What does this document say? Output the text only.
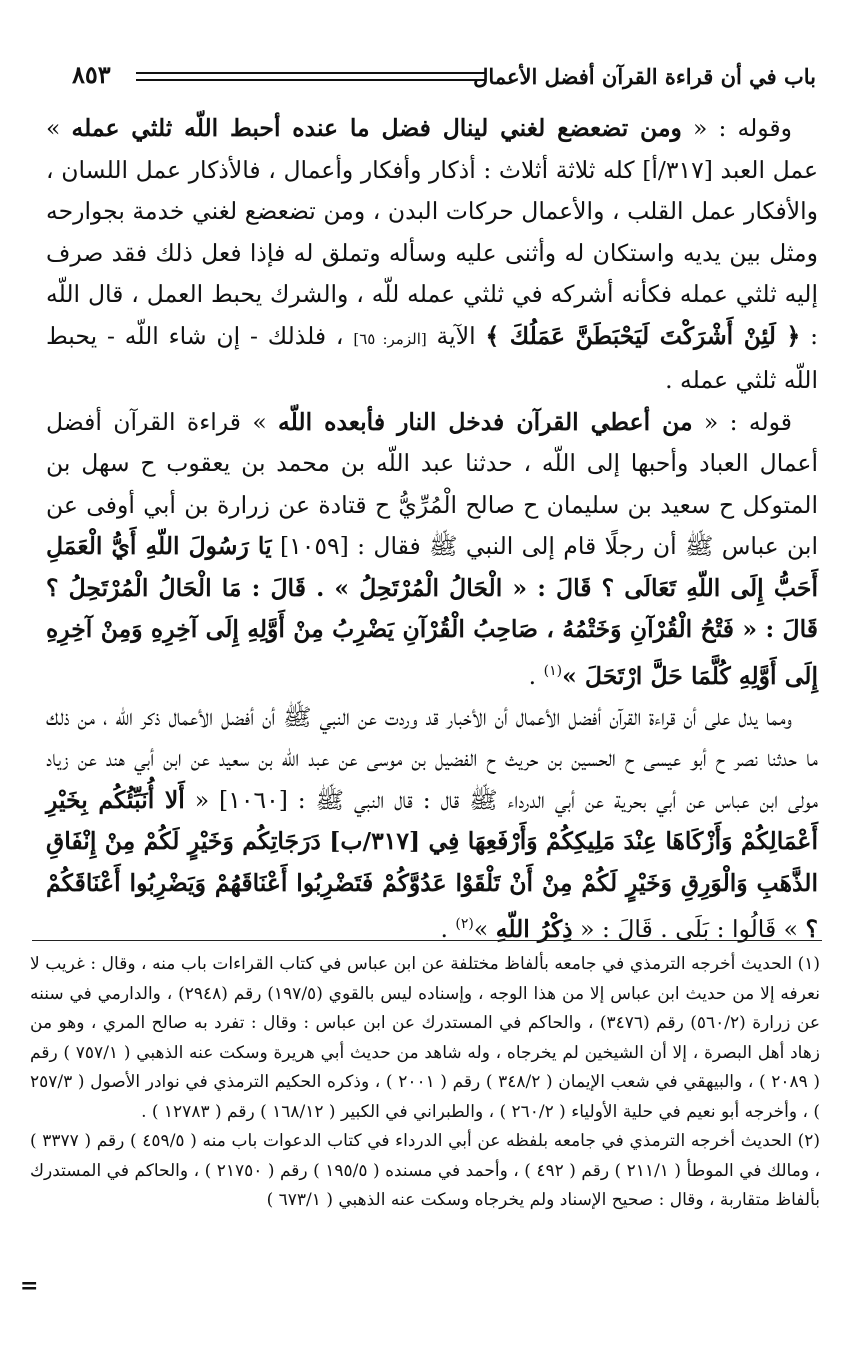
باب في أن قراءة القرآن أفضل الأعمال
٨٥٣

وقوله : « ومن تضعضع لغني لينال فضل ما عنده أحبط اللّه ثلثي عمله » عمل العبد [٣١٧/أ] كله ثلاثة أثلاث : أذكار وأفكار وأعمال ، فالأذكار عمل اللسان ، والأفكار عمل القلب ، والأعمال حركات البدن ، ومن تضعضع لغني خدمة بجوارحه ومثل بين يديه واستكان له وأثنى عليه وسأله وتملق له فإذا فعل ذلك فقد صرف إليه ثلثي عمله فكأنه أشركه في ثلثي عمله للّه ، والشرك يحبط العمل ، قال اللّه : ﴿ لَئِنْ أَشْرَكْتَ لَيَحْبَطَنَّ عَمَلُكَ ﴾ الآية [الزمر: ٦٥] ، فلذلك - إن شاء اللّه - يحبط اللّه ثلثي عمله .

قوله : « من أعطي القرآن فدخل النار فأبعده اللّه » قراءة القرآن أفضل أعمال العباد وأحبها إلى اللّه ، حدثنا عبد اللّه بن محمد بن يعقوب ح سهل بن المتوكل ح سعيد بن سليمان ح صالح الْمُرِّيُّ ح قتادة عن زرارة بن أبي أوفى عن ابن عباس ﷺ أن رجلًا قام إلى النبي ﷺ فقال : [١٠٥٩] يَا رَسُولَ اللّهِ أَيُّ الْعَمَلِ أَحَبُّ إِلَى اللّهِ تَعَالَى ؟ قَالَ : « الْحَالُ الْمُرْتَحِلُ » . قَالَ : مَا الْحَالُ الْمُرْتَحِلُ ؟ قَالَ : « فَتْحُ الْقُرْآنِ وَخَتْمُهُ ، صَاحِبُ الْقُرْآنِ يَضْرِبُ مِنْ أَوَّلِهِ إِلَى آخِرِهِ وَمِنْ آخِرِهِ إِلَى أَوَّلِهِ كُلَّمَا حَلَّ ارْتَحَلَ »$^{(١)}$ .

ومما يدل على أن قراءة القرآن أفضل الأعمال أن الأخبار قد وردت عن النبي ﷺ أن أفضل الأعمال ذكر اللّه ، من ذلك ما حدثنا نصر ح أبو عيسى ح الحسين بن حريث ح الفضيل بن موسى عن عبد اللّه بن سعيد عن ابن أبي هند عن زياد مولى ابن عباس عن أبي بحرية عن أبي الدرداء ﷺ قال : قال النبي ﷺ : [١٠٦٠] « أَلا أُنَبِّئُكُم بِخَيْرِ أَعْمَالِكُمْ وَأَزْكَاهَا عِنْدَ مَلِيكِكُمْ وَأَرْفَعِهَا فِي [٣١٧/ب] دَرَجَاتِكُم وَخَيْرٍ لَكُمْ مِنْ إِنْفَاقِ الذَّهَبِ وَالْوَرِقِ وَخَيْرٍ لَكُمْ مِنْ أَنْ تَلْقَوْا عَدُوَّكُمْ فَتَضْرِبُوا أَعْنَاقَهُمْ وَيَضْرِبُوا أَعْنَاقَكُمْ ؟ » قَالُوا : بَلَى . قَالَ : « ذِكْرُ اللّهِ »$^{(٢)}$ .

(١) الحديث أخرجه الترمذي في جامعه بألفاظ مختلفة عن ابن عباس في كتاب القراءات باب منه ، وقال : غريب لا نعرفه إلا من حديث ابن عباس إلا من هذا الوجه ، وإسناده ليس بالقوي (١٩٧/٥) رقم (٢٩٤٨) ، والدارمي في سننه عن زرارة (٥٦٠/٢) رقم (٣٤٧٦) ، والحاكم في المستدرك عن ابن عباس : وقال : تفرد به صالح المري ، وهو من زهاد أهل البصرة ، إلا أن الشيخين لم يخرجاه ، وله شاهد من حديث أبي هريرة وسكت عنه الذهبي ( ٧٥٧/١ ) رقم ( ٢٠٨٩ ) ، والبيهقي في شعب الإيمان ( ٣٤٨/٢ ) رقم ( ٢٠٠١ ) ، وذكره الحكيم الترمذي في نوادر الأصول ( ٢٥٧/٣ ) ، وأخرجه أبو نعيم في حلية الأولياء ( ٢٦٠/٢ ) ، والطبراني في الكبير ( ١٦٨/١٢ ) رقم ( ١٢٧٨٣ ) .

(٢) الحديث أخرجه الترمذي في جامعه بلفظه عن أبي الدرداء في كتاب الدعوات باب منه ( ٤٥٩/٥ ) رقم ( ٣٣٧٧ ) ، ومالك في الموطأ ( ٢١١/١ ) رقم ( ٤٩٢ ) ، وأحمد في مسنده ( ١٩٥/٥ ) رقم ( ٢١٧٥٠ ) ، والحاكم في المستدرك بألفاظ متقاربة ، وقال : صحيح الإسناد ولم يخرجاه وسكت عنه الذهبي ( ٦٧٣/١ )

=
